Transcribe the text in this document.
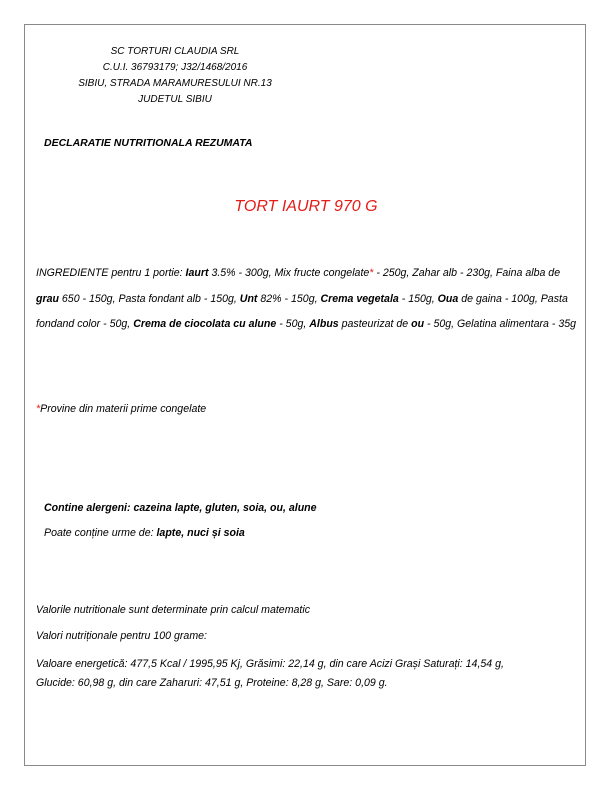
SC TORTURI CLAUDIA SRL
C.U.I. 36793179; J32/1468/2016
SIBIU, STRADA MARAMURESULUI NR.13
JUDETUL SIBIU
DECLARATIE NUTRITIONALA REZUMATA
TORT IAURT 970 G
INGREDIENTE pentru 1 portie: Iaurt 3.5% - 300g, Mix fructe congelate* - 250g, Zahar alb - 230g, Faina alba de grau 650 - 150g, Pasta fondant alb - 150g, Unt 82% - 150g, Crema vegetala - 150g, Oua de gaina - 100g, Pasta fondand color - 50g, Crema de ciocolata cu alune - 50g, Albus pasteurizat de ou - 50g, Gelatina alimentara - 35g
*Provine din materii prime congelate
Contine alergeni: cazeina lapte, gluten, soia, ou, alune
Poate conține urme de: lapte, nuci și soia
Valorile nutritionale sunt determinate prin calcul matematic
Valori nutriționale pentru 100 grame:
Valoare energetică: 477,5 Kcal / 1995,95 Kj, Grăsimi: 22,14 g, din care Acizi Grași Saturați: 14,54 g,
Glucide: 60,98 g, din care Zaharuri: 47,51 g, Proteine: 8,28 g, Sare: 0,09 g.
